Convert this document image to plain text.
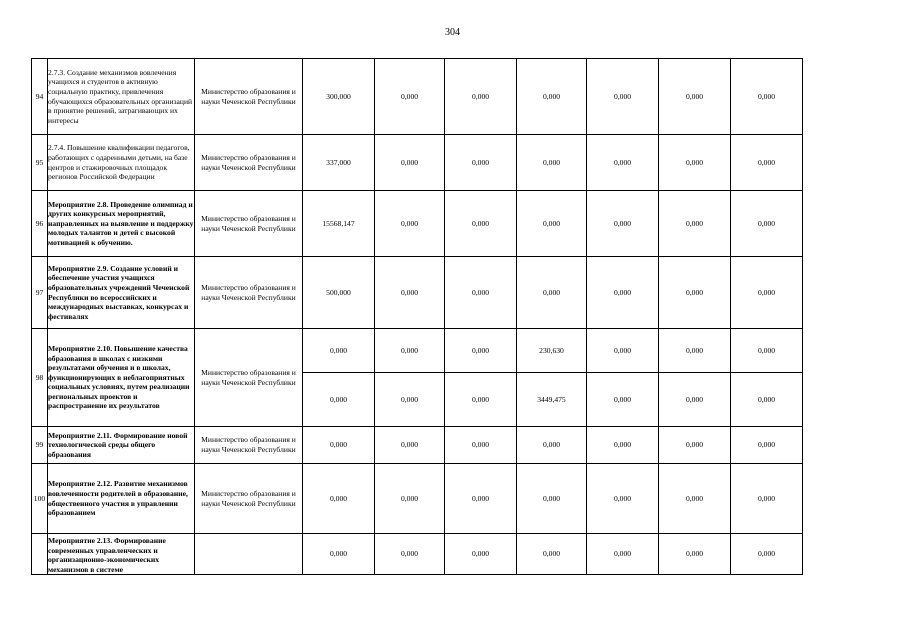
304
94	2.7.3. Создание механизмов вовлечения учащихся и студентов в активную социальную практику, привлечения обучающихся образовательных организаций в принятие решений, затрагивающих их интересы	Министерство образования и науки Чеченской Республики	300,000	0,000	0,000	0,000	0,000	0,000	0,000
95	2.7.4. Повышение квалификации педагогов, работающих с одаренными детьми, на базе центров и стажировочных площадок регионов Российской Федерации	Министерство образования и науки Чеченской Республики	337,000	0,000	0,000	0,000	0,000	0,000	0,000
96	Мероприятие 2.8. Проведение олимпиад и других конкурсных мероприятий, направленных на выявление и поддержку молодых талантов и детей с высокой мотивацией к обучению.	Министерство образования и науки Чеченской Республики	15568,147	0,000	0,000	0,000	0,000	0,000	0,000
97	Мероприятие 2.9. Создание условий и обеспечение участия учащихся образовательных учреждений Чеченской Республики во всероссийских и международных выставках, конкурсах и фестивалях	Министерство образования и науки Чеченской Республики	500,000	0,000	0,000	0,000	0,000	0,000	0,000
98	Мероприятие 2.10. Повышение качества образования в школах с низкими результатами обучения и в школах, функционирующих в неблагоприятных социальных условиях, путем реализации региональных проектов и распространение их результатов	Министерство образования и науки Чеченской Республики	0,000	0,000	0,000	230,630	0,000	0,000	0,000
			0,000	0,000	0,000	3449,475	0,000	0,000	0,000
99	Мероприятие 2.11. Формирование новой технологической среды общего образования	Министерство образования и науки Чеченской Республики	0,000	0,000	0,000	0,000	0,000	0,000	0,000
100	Мероприятие 2.12. Развитие механизмов вовлеченности родителей в образование, общественного участия в управлении образованием	Министерство образования и науки Чеченской Республики	0,000	0,000	0,000	0,000	0,000	0,000	0,000
	Мероприятие 2.13. Формирование современных управленческих и организационно-экономических механизмов в системе		0,000	0,000	0,000	0,000	0,000	0,000	0,000
